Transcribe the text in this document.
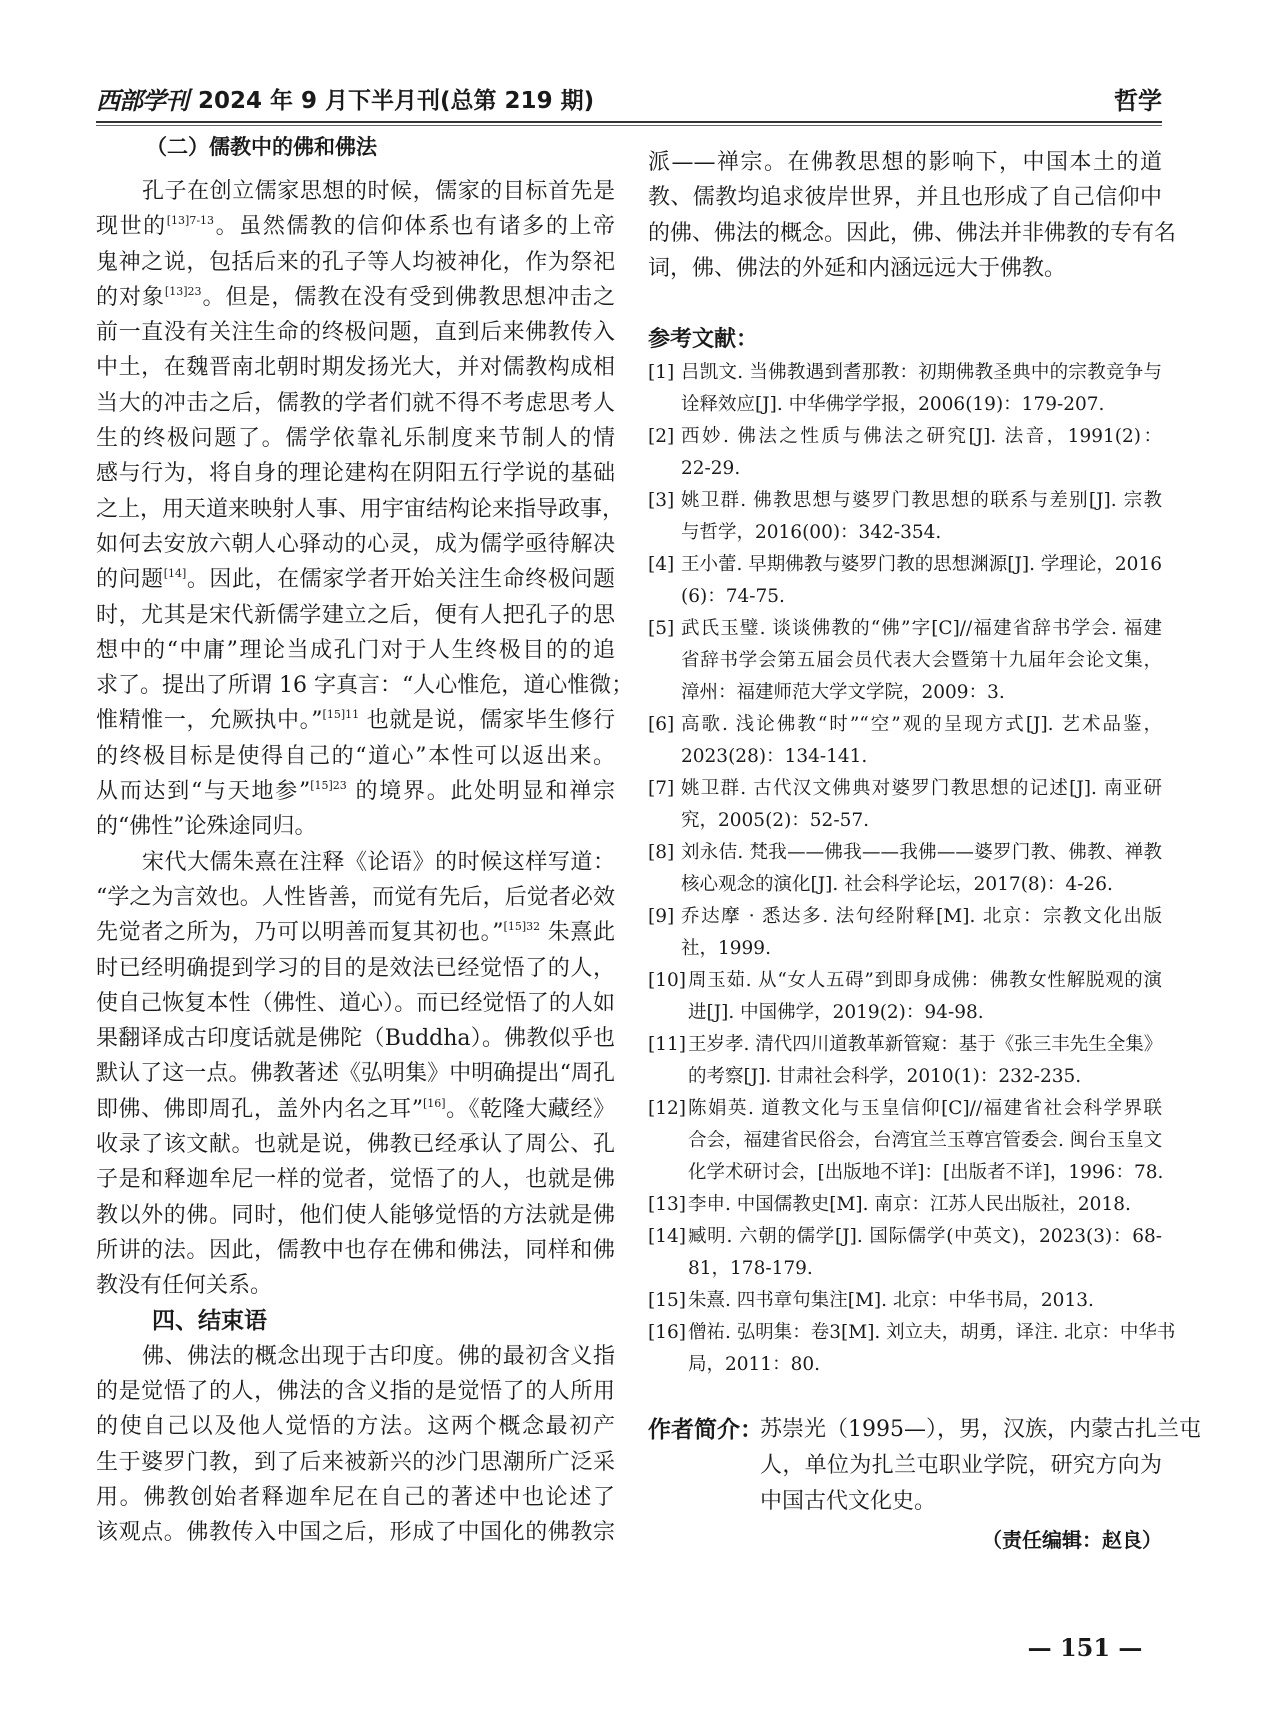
西部学刊 2024 年 9 月下半月刊(总第 219 期)	哲学
（二）儒教中的佛和佛法
孔子在创立儒家思想的时候，儒家的目标首先是
现世的$^{[13]7-13}$。虽然儒教的信仰体系也有诸多的上帝
鬼神之说，包括后来的孔子等人均被神化，作为祭祀
的对象$^{[13]23}$。但是，儒教在没有受到佛教思想冲击之
前一直没有关注生命的终极问题，直到后来佛教传入
中土，在魏晋南北朝时期发扬光大，并对儒教构成相
当大的冲击之后，儒教的学者们就不得不考虑思考人
生的终极问题了。儒学依靠礼乐制度来节制人的情
感与行为，将自身的理论建构在阴阳五行学说的基础
之上，用天道来映射人事、用宇宙结构论来指导政事，
如何去安放六朝人心驿动的心灵，成为儒学亟待解决
的问题[14]。因此，在儒家学者开始关注生命终极问题
时，尤其是宋代新儒学建立之后，便有人把孔子的思
想中的“中庸”理论当成孔门对于人生终极目的的追
求了。提出了所谓 16 字真言：“人心惟危，道心惟微；
惟精惟一，允厥执中。”$^{[15]11}$ 也就是说，儒家毕生修行
的终极目标是使得自己的“道心”本性可以返出来。
从而达到“与天地参”$^{[15]23}$ 的境界。此处明显和禅宗
的“佛性”论殊途同归。
宋代大儒朱熹在注释《论语》的时候这样写道：
“学之为言效也。人性皆善，而觉有先后，后觉者必效
先觉者之所为，乃可以明善而复其初也。”$^{[15]32}$ 朱熹此
时已经明确提到学习的目的是效法已经觉悟了的人，
使自己恢复本性（佛性、道心）。而已经觉悟了的人如
果翻译成古印度话就是佛陀（Buddha）。佛教似乎也
默认了这一点。佛教著述《弘明集》中明确提出“周孔
即佛、佛即周孔，盖外内名之耳”[16]。《乾隆大藏经》
收录了该文献。也就是说，佛教已经承认了周公、孔
子是和释迦牟尼一样的觉者，觉悟了的人，也就是佛
教以外的佛。同时，他们使人能够觉悟的方法就是佛
所讲的法。因此，儒教中也存在佛和佛法，同样和佛
教没有任何关系。
四、结束语
佛、佛法的概念出现于古印度。佛的最初含义指
的是觉悟了的人，佛法的含义指的是觉悟了的人所用
的使自己以及他人觉悟的方法。这两个概念最初产
生于婆罗门教，到了后来被新兴的沙门思潮所广泛采
用。佛教创始者释迦牟尼在自己的著述中也论述了
该观点。佛教传入中国之后，形成了中国化的佛教宗
派——禅宗。在佛教思想的影响下，中国本土的道
教、儒教均追求彼岸世界，并且也形成了自己信仰中
的佛、佛法的概念。因此，佛、佛法并非佛教的专有名
词，佛、佛法的外延和内涵远远大于佛教。
参考文献：
[1] 吕凯文. 当佛教遇到耆那教：初期佛教圣典中的宗教竞争与
诠释效应[J]. 中华佛学学报，2006(19)：179-207.
[2] 西妙. 佛法之性质与佛法之研究[J]. 法音，1991(2)：
22-29.
[3] 姚卫群. 佛教思想与婆罗门教思想的联系与差别[J]. 宗教
与哲学，2016(00)：342-354.
[4] 王小蕾. 早期佛教与婆罗门教的思想渊源[J]. 学理论，2016
(6)：74-75.
[5] 武氏玉璧. 谈谈佛教的“佛”字[C]//福建省辞书学会. 福建
省辞书学会第五届会员代表大会暨第十九届年会论文集，
漳州：福建师范大学文学院，2009：3.
[6] 高歌. 浅论佛教“时”“空”观的呈现方式[J]. 艺术品鉴，
2023(28)：134-141.
[7] 姚卫群. 古代汉文佛典对婆罗门教思想的记述[J]. 南亚研
究，2005(2)：52-57.
[8] 刘永佶. 梵我——佛我——我佛——婆罗门教、佛教、禅教
核心观念的演化[J]. 社会科学论坛，2017(8)：4-26.
[9] 乔达摩 · 悉达多. 法句经附释[M]. 北京：宗教文化出版
社，1999.
[10] 周玉茹. 从“女人五碍”到即身成佛：佛教女性解脱观的演
进[J]. 中国佛学，2019(2)：94-98.
[11] 王岁孝. 清代四川道教革新管窥：基于《张三丰先生全集》
的考察[J]. 甘肃社会科学，2010(1)：232-235.
[12] 陈娟英. 道教文化与玉皇信仰[C]//福建省社会科学界联
合会，福建省民俗会，台湾宜兰玉尊宫管委会. 闽台玉皇文
化学术研讨会，[出版地不详]：[出版者不详]，1996：78.
[13] 李申. 中国儒教史[M]. 南京：江苏人民出版社，2018.
[14] 臧明. 六朝的儒学[J]. 国际儒学(中英文)，2023(3)：68-
81，178-179.
[15] 朱熹. 四书章句集注[M]. 北京：中华书局，2013.
[16] 僧祐. 弘明集：卷3[M]. 刘立夫，胡勇，译注. 北京：中华书
局，2011：80.
作者简介：
苏崇光（1995—），男，汉族，内蒙古扎兰屯
人，单位为扎兰屯职业学院，研究方向为
中国古代文化史。
（责任编辑：赵良）
— 151 —
